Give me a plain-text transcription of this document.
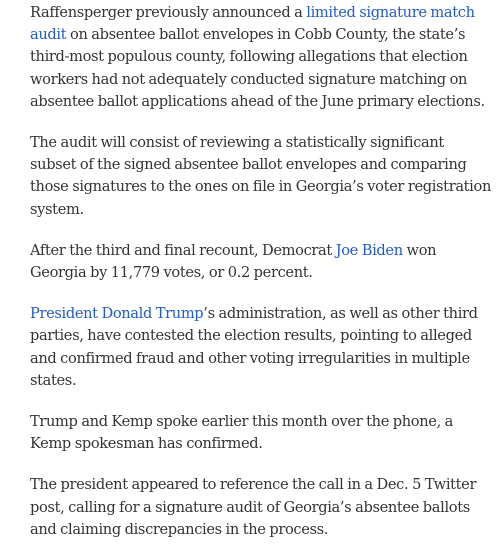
Raffensperger previously announced a limited signature match audit on absentee ballot envelopes in Cobb County, the state’s third-most populous county, following allegations that election workers had not adequately conducted signature matching on absentee ballot applications ahead of the June primary elections.

The audit will consist of reviewing a statistically significant subset of the signed absentee ballot envelopes and comparing those signatures to the ones on file in Georgia’s voter registration system.

After the third and final recount, Democrat Joe Biden won Georgia by 11,779 votes, or 0.2 percent.

President Donald Trump’s administration, as well as other third parties, have contested the election results, pointing to alleged and confirmed fraud and other voting irregularities in multiple states.

Trump and Kemp spoke earlier this month over the phone, a Kemp spokesman has confirmed.

The president appeared to reference the call in a Dec. 5 Twitter post, calling for a signature audit of Georgia’s absentee ballots and claiming discrepancies in the process.
